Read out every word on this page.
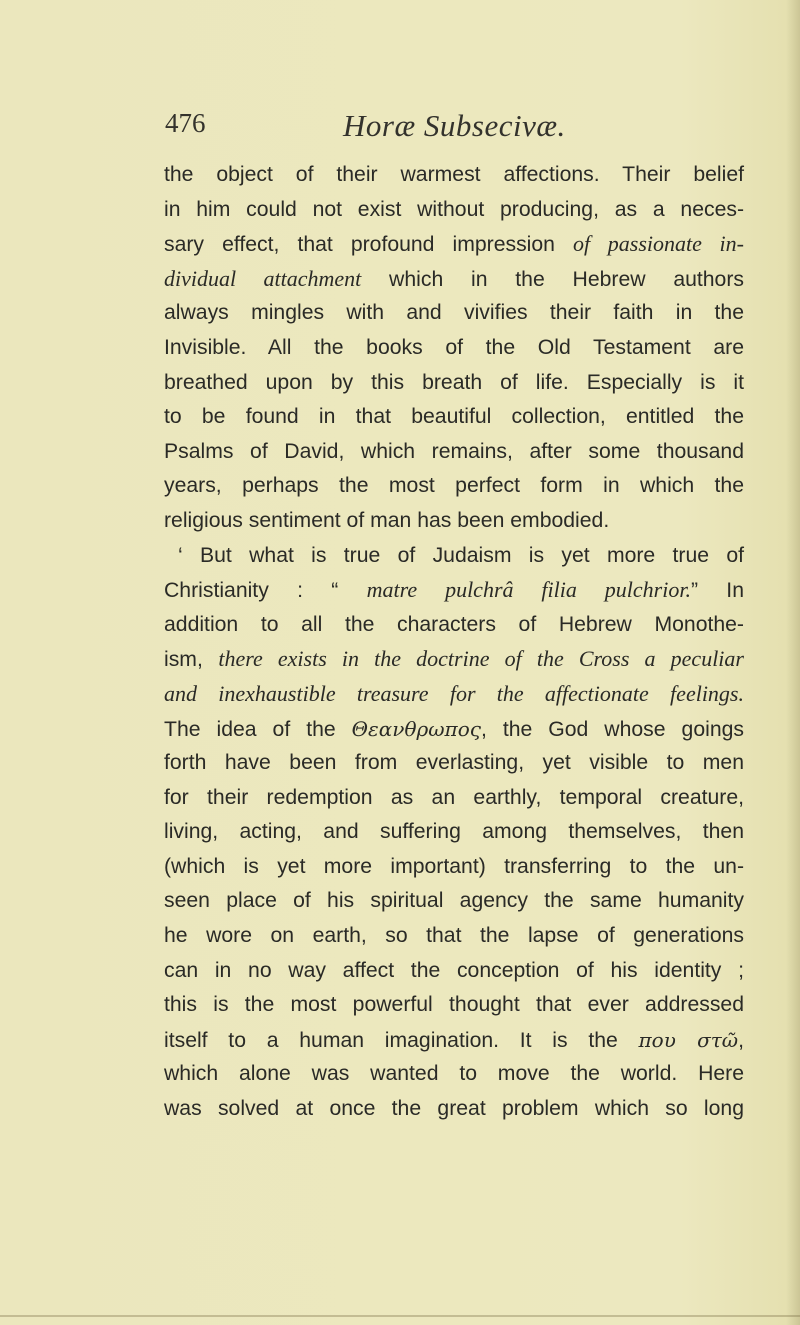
476	Horæ Subsecivæ.
the object of their warmest affections. Their belief
in him could not exist without producing, as a neces-
sary effect, that profound impression of passionate in-
dividual attachment which in the Hebrew authors
always mingles with and vivifies their faith in the
Invisible. All the books of the Old Testament are
breathed upon by this breath of life. Especially is it
to be found in that beautiful collection, entitled the
Psalms of David, which remains, after some thousand
years, perhaps the most perfect form in which the
religious sentiment of man has been embodied.
‘ But what is true of Judaism is yet more true of
Christianity : “ matre pulchrâ filia pulchrior.” In
addition to all the characters of Hebrew Monothe-
ism, there exists in the doctrine of the Cross a peculiar
and inexhaustible treasure for the affectionate feelings.
The idea of the Θεανθρωπος, the God whose goings
forth have been from everlasting, yet visible to men
for their redemption as an earthly, temporal creature,
living, acting, and suffering among themselves, then
(which is yet more important) transferring to the un-
seen place of his spiritual agency the same humanity
he wore on earth, so that the lapse of generations
can in no way affect the conception of his identity ;
this is the most powerful thought that ever addressed
itself to a human imagination. It is the που στῶ,
which alone was wanted to move the world. Here
was solved at once the great problem which so long
